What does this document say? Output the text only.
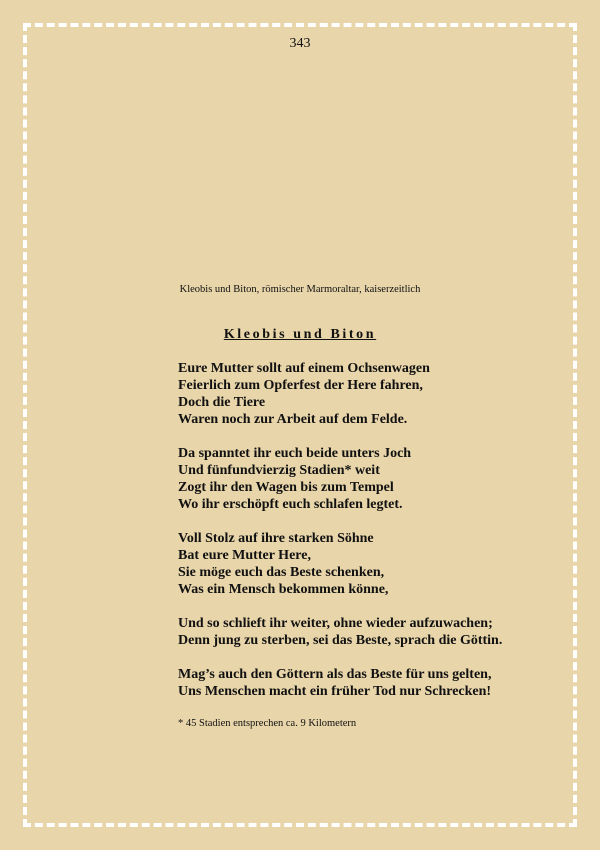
343
Kleobis und Biton, römischer Marmoraltar, kaiserzeitlich
Kleobis und Biton
Eure Mutter sollt auf einem Ochsenwagen
Feierlich zum Opferfest der Here fahren,
Doch die Tiere
Waren noch zur Arbeit auf dem Felde.
Da spanntet ihr euch beide unters Joch
Und fünfundvierzig Stadien* weit
Zogt ihr den Wagen bis zum Tempel
Wo ihr erschöpft euch schlafen legtet.
Voll Stolz auf ihre starken Söhne
Bat eure Mutter Here,
Sie möge euch das Beste schenken,
Was ein Mensch bekommen könne,
Und so schlieft ihr weiter, ohne wieder aufzuwachen;
Denn jung zu sterben, sei das Beste, sprach die Göttin.
Mag’s auch den Göttern als das Beste für uns gelten,
Uns Menschen macht ein früher Tod nur Schrecken!
* 45 Stadien entsprechen ca. 9 Kilometern
